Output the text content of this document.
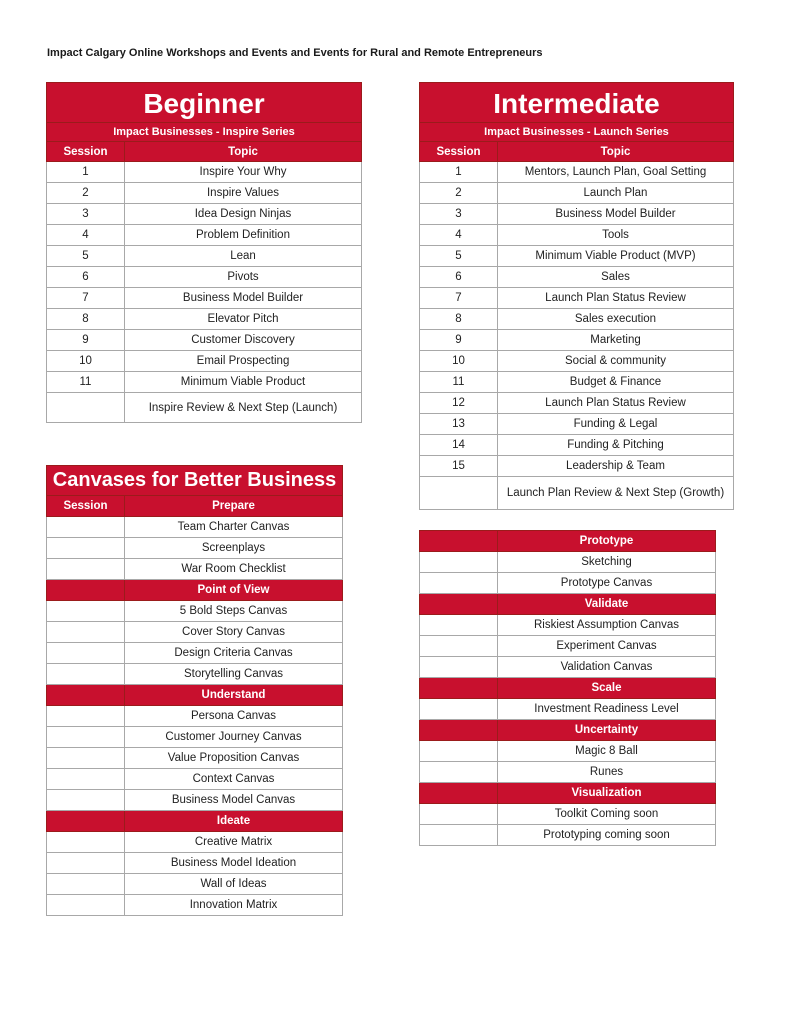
Impact Calgary Online Workshops and Events and Events for Rural and Remote Entrepreneurs
Beginner	
Impact Businesses - Inspire Series	
Session	Topic
1	Inspire Your Why
2	Inspire Values
3	Idea Design Ninjas
4	Problem Definition
5	Lean
6	Pivots
7	Business Model Builder
8	Elevator Pitch
9	Customer Discovery
10	Email Prospecting
11	Minimum Viable Product
	Inspire Review & Next Step (Launch)
Intermediate	
Impact Businesses - Launch Series	
Session	Topic
1	Mentors, Launch Plan, Goal Setting
2	Launch Plan
3	Business Model Builder
4	Tools
5	Minimum Viable Product (MVP)
6	Sales
7	Launch Plan Status Review
8	Sales execution
9	Marketing
10	Social & community
11	Budget & Finance
12	Launch Plan Status Review
13	Funding & Legal
14	Funding & Pitching
15	Leadership & Team
	Launch Plan Review & Next Step (Growth)
Canvases for Better Business	
Session	Prepare
	Team Charter Canvas
	Screenplays
	War Room Checklist
	Point of View
	5 Bold Steps Canvas
	Cover Story Canvas
	Design Criteria Canvas
	Storytelling Canvas
	Understand
	Persona Canvas
	Customer Journey Canvas
	Value Proposition Canvas
	Context Canvas
	Business Model Canvas
	Ideate
	Creative Matrix
	Business Model Ideation
	Wall of Ideas
	Innovation Matrix
	Prototype
	Sketching
	Prototype Canvas
	Validate
	Riskiest Assumption Canvas
	Experiment Canvas
	Validation Canvas
	Scale
	Investment Readiness Level
	Uncertainty
	Magic 8 Ball
	Runes
	Visualization
	Toolkit Coming soon
	Prototyping coming soon
